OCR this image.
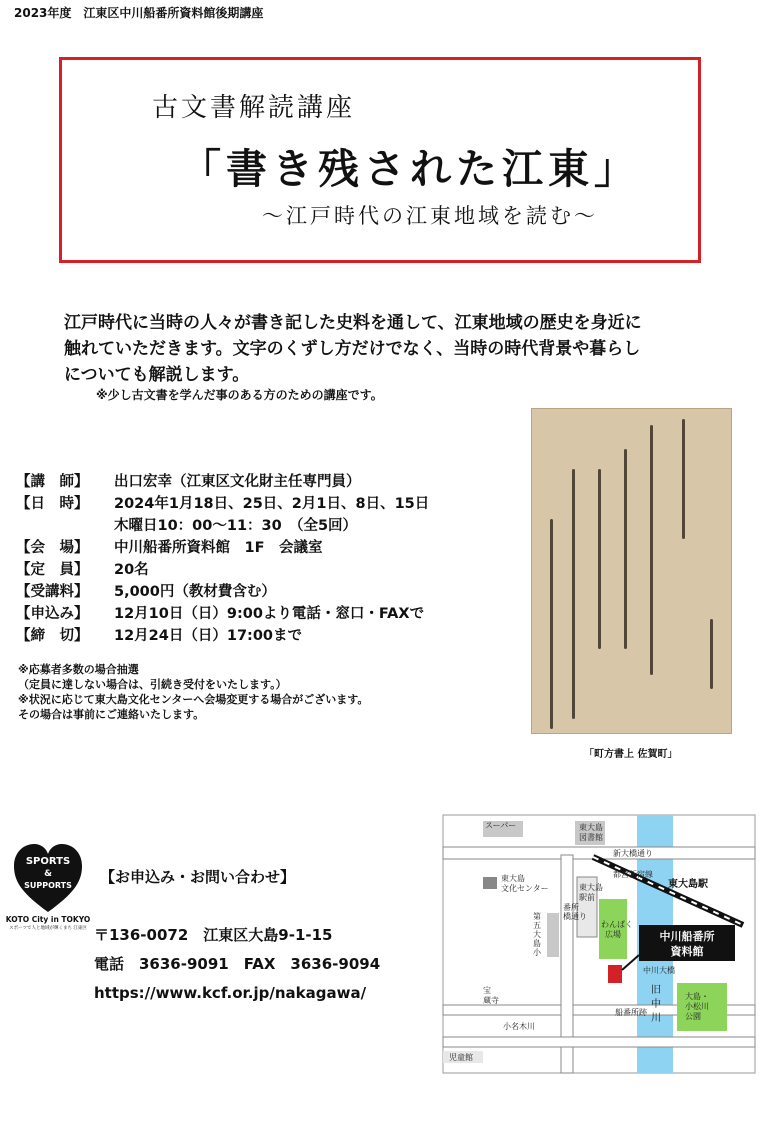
2023年度　江東区中川船番所資料館後期講座
古文書解読講座
「書き残された江東」
〜江戸時代の江東地域を読む〜
江戸時代に当時の人々が書き記した史料を通して、江東地域の歴史を身近に
触れていただきます。文字のくずし方だけでなく、当時の時代背景や暮らし
についても解説します。
※少し古文書を学んだ事のある方のための講座です。
「町方書上 佐賀町」
【講　師】	出口宏幸（江東区文化財主任専門員）
【日　時】	2024年1月18日、25日、2月1日、8日、15日
木曜日10：00〜11：30　（全5回）
【会　場】	中川船番所資料館　1F　会議室
【定　員】	20名
【受講料】	5,000円（教材費含む）
【申込み】	12月10日（日）9:00より電話・窓口・FAXで
【締　切】	12月24日（日）17:00まで
※応募者多数の場合抽選
（定員に達しない場合は、引続き受付をいたします。）
※状況に応じて東大島文化センターへ会場変更する場合がございます。
その場合は事前にご連絡いたします。
SPORTS
&
SUPPORTS
KOTO City in TOKYO
スポーツで人と地域が輝くまち 江東区
【お申込み・お問い合わせ】
〒136-0072　江東区大島9-1-15
電話　3636-9091　FAX　3636-9094
https://www.kcf.or.jp/nakagawa/
中川船番所
資料館
スーパー	東大島
図書館
新大橋通り
都営新宿線
東大島駅
東大島
文化センター
番所
橋通り
東大島
駅前
わんぱく
広場
第
五
大
島
小
中川大橋
宝
蔵寺
小名木川
船番所跡
旧
中
川
大島・
小松川
公園
児童館
